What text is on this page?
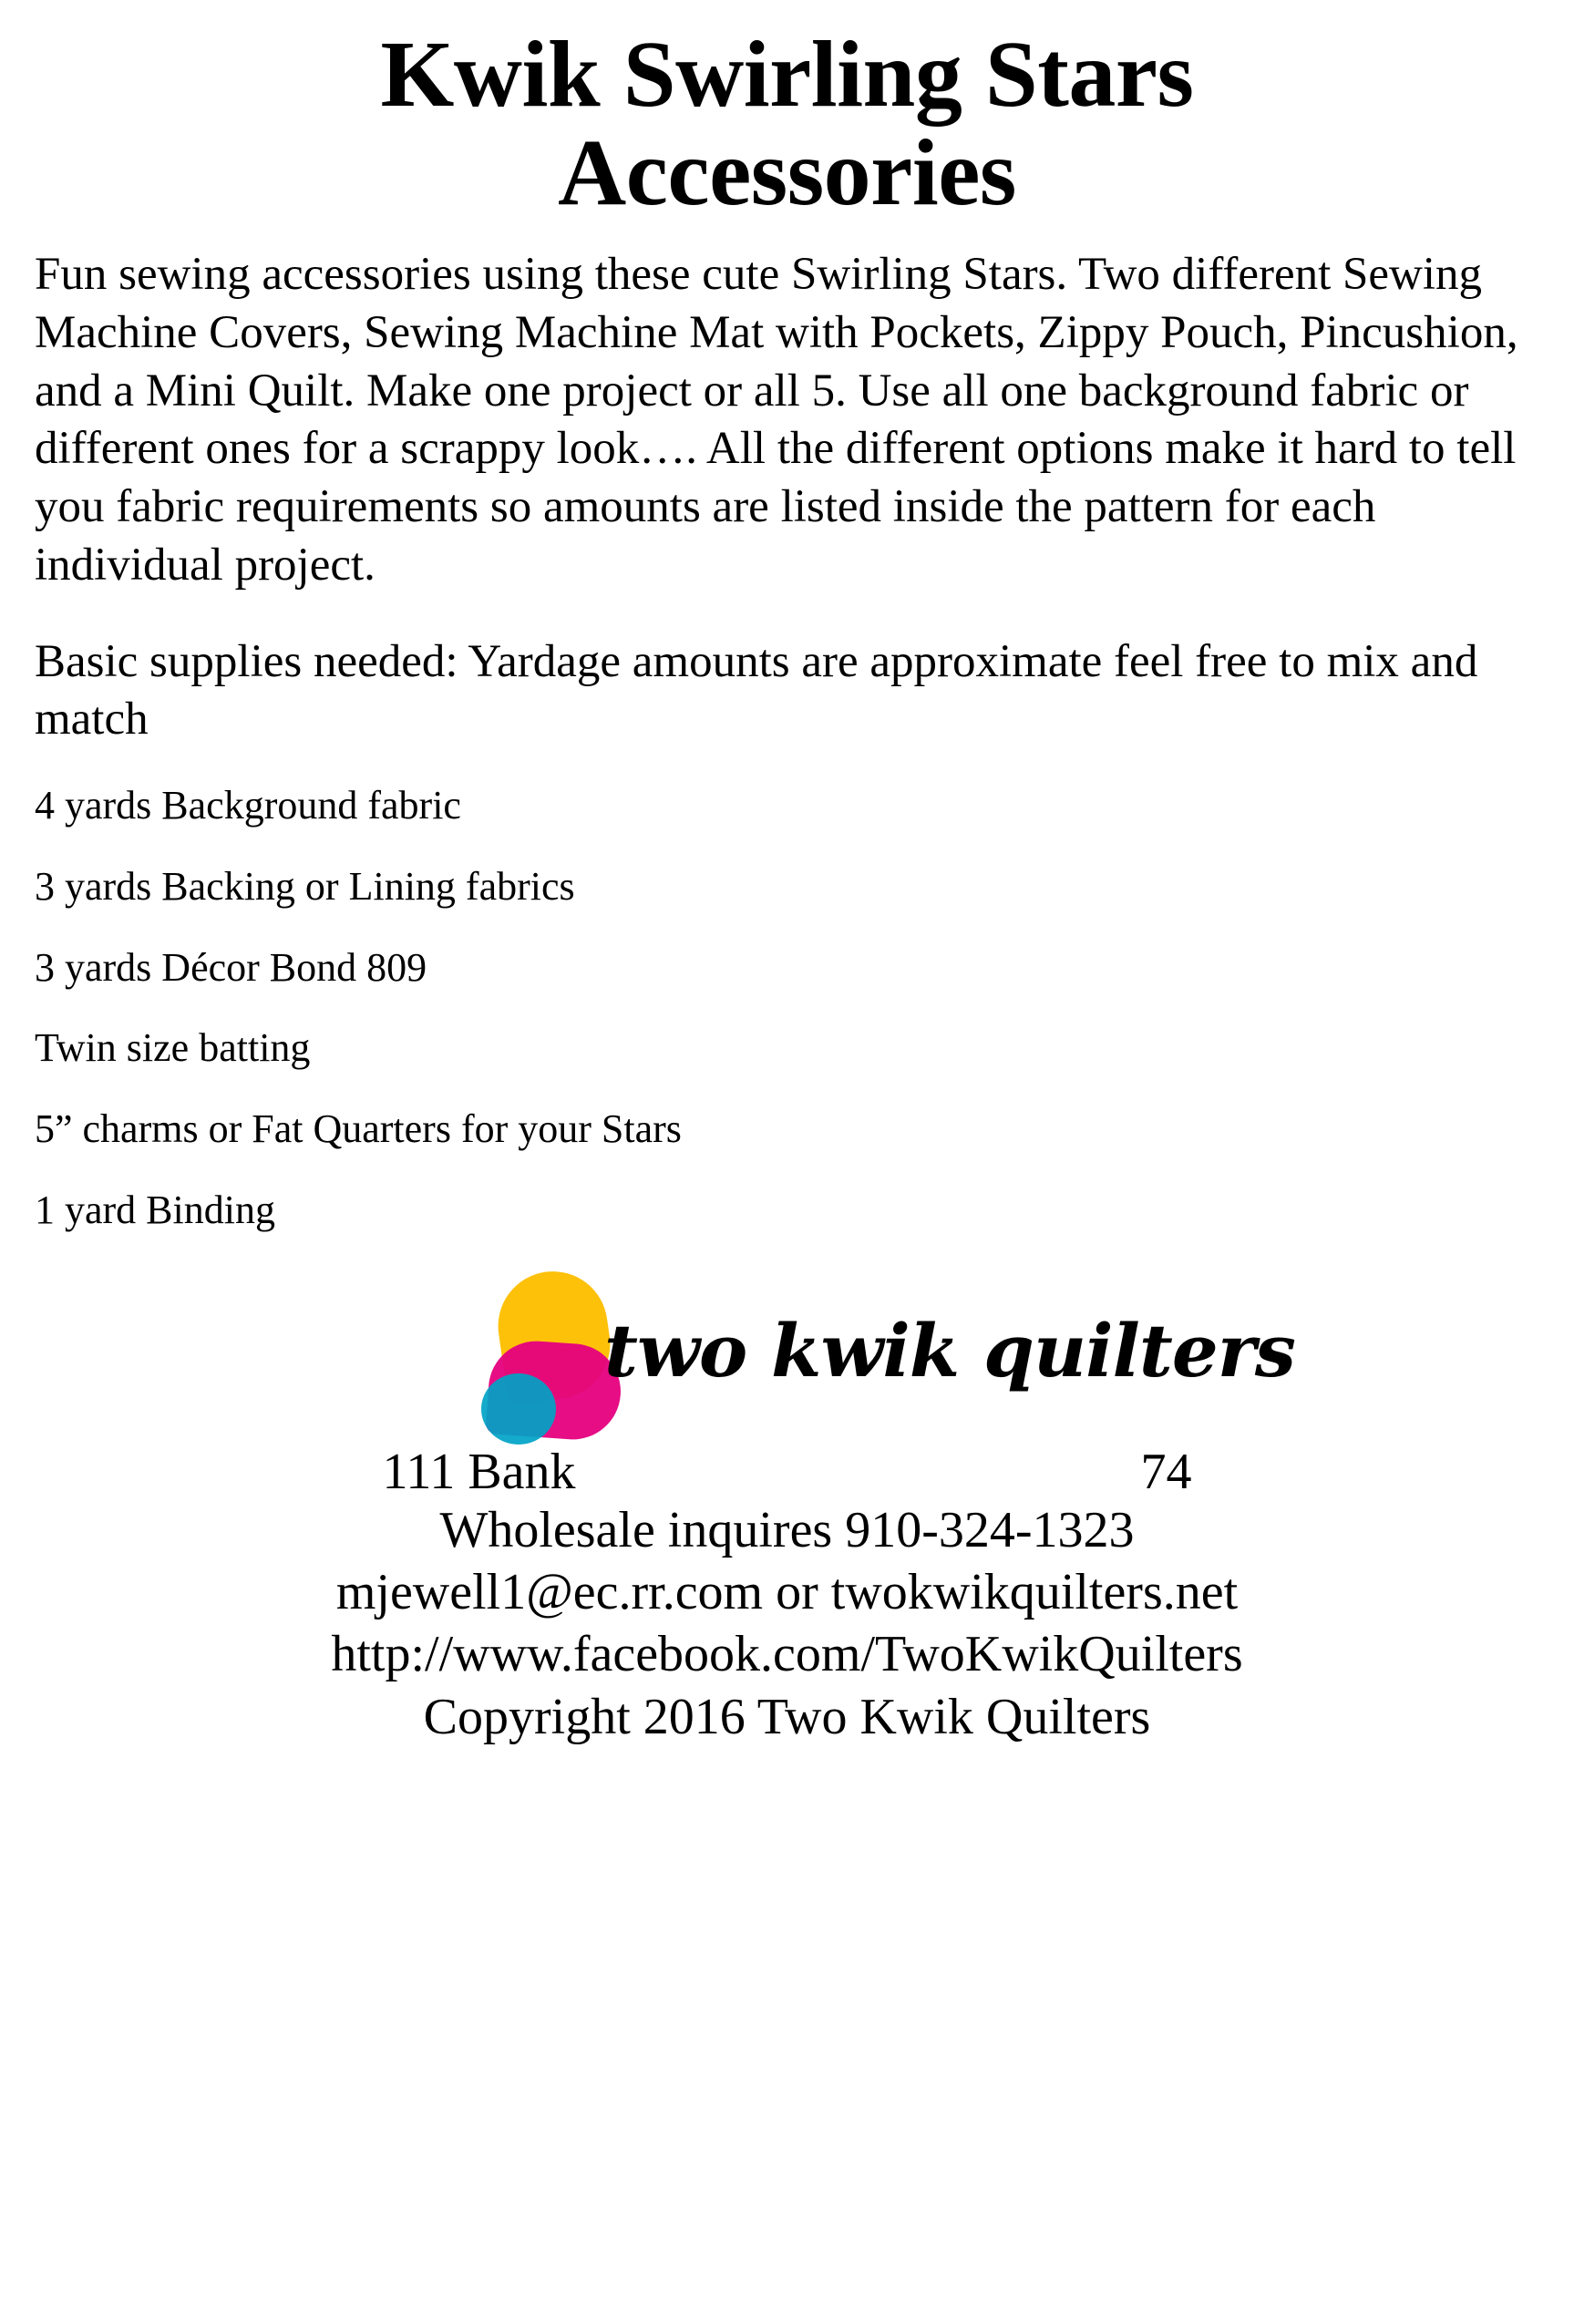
Kwik Swirling Stars
Accessories

Fun sewing accessories using these cute Swirling Stars. Two different Sewing Machine Covers, Sewing Machine Mat with Pockets, Zippy Pouch, Pincushion, and a Mini Quilt. Make one project or all 5. Use all one background fabric or different ones for a scrappy look…. All the different options make it hard to tell you fabric requirements so amounts are listed inside the pattern for each individual project.

Basic supplies needed: Yardage amounts are approximate feel free to mix and match

4 yards Background fabric

3 yards Backing or Lining fabrics

3 yards Décor Bond 809

Twin size batting

5” charms or Fat Quarters for your Stars

1 yard Binding

two kwik quilters
111 Bank	74
Wholesale inquires 910-324-1323
mjewell1@ec.rr.com or twokwikquilters.net
http://www.facebook.com/TwoKwikQuilters
Copyright 2016 Two Kwik Quilters
